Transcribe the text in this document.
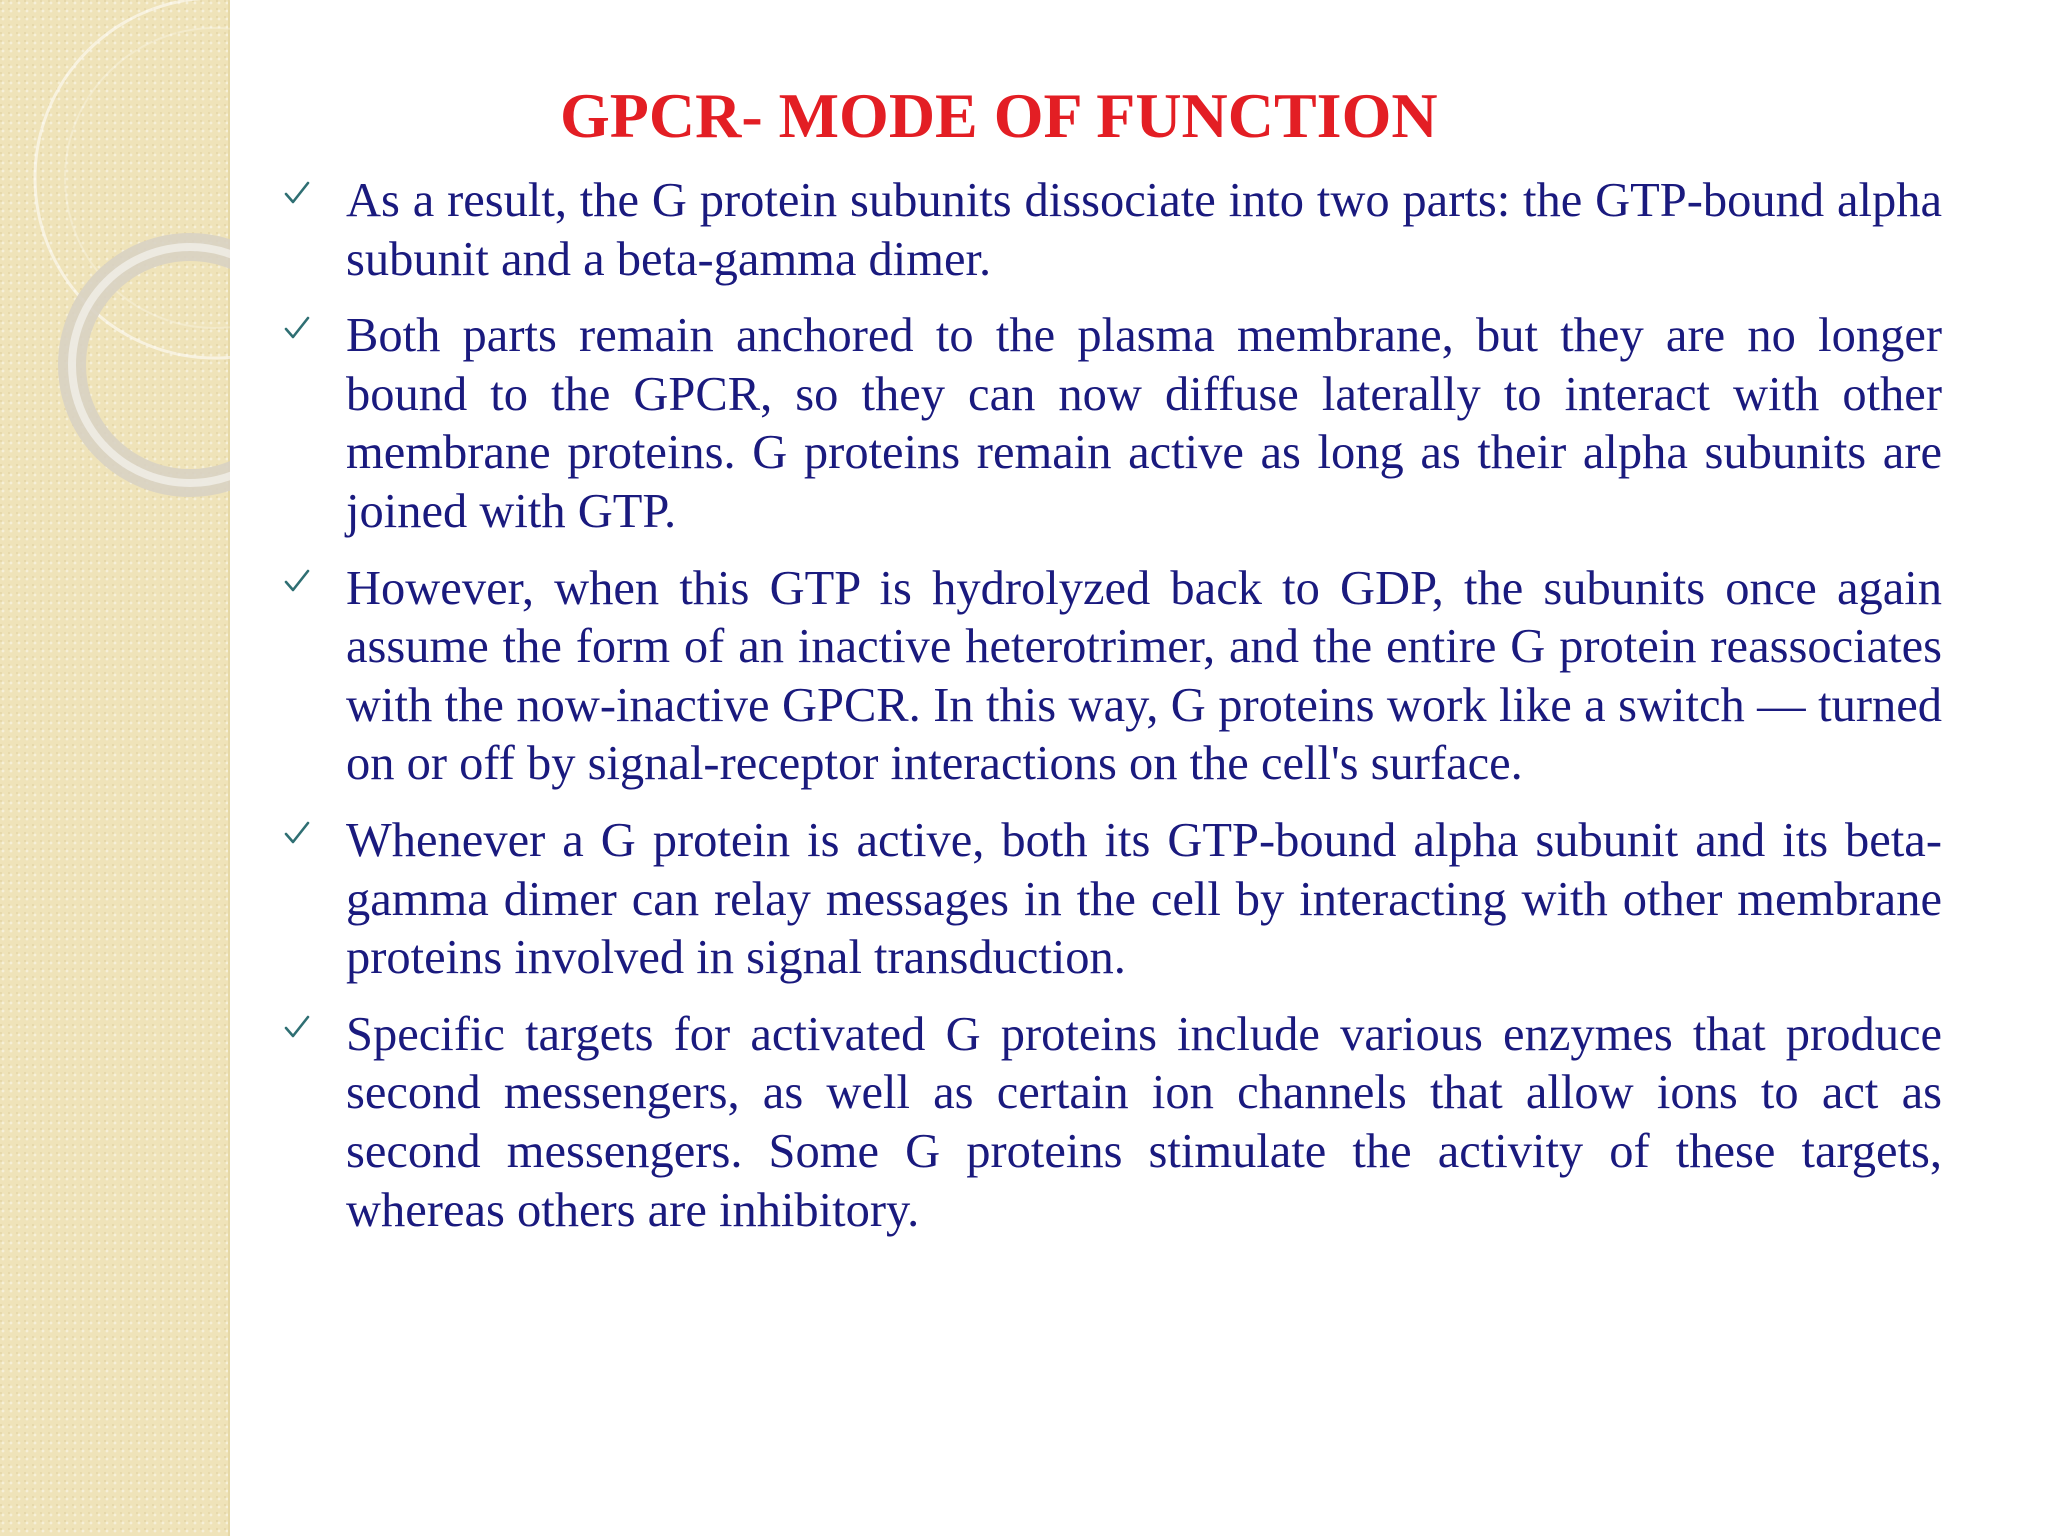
GPCR- MODE OF FUNCTION
As a result, the G protein subunits dissociate into two parts: the GTP-bound alpha subunit and a beta-gamma dimer.
Both parts remain anchored to the plasma membrane, but they are no longer bound to the GPCR, so they can now diffuse laterally to interact with other membrane proteins. G proteins remain active as long as their alpha subunits are joined with GTP.
However, when this GTP is hydrolyzed back to GDP, the subunits once again assume the form of an inactive heterotrimer, and the entire G protein reassociates with the now-inactive GPCR. In this way, G proteins work like a switch — turned on or off by signal-receptor interactions on the cell's surface.
Whenever a G protein is active, both its GTP-bound alpha subunit and its beta-gamma dimer can relay messages in the cell by interacting with other membrane proteins involved in signal transduction.
Specific targets for activated G proteins include various enzymes that produce second messengers, as well as certain ion channels that allow ions to act as second messengers. Some G proteins stimulate the activity of these targets, whereas others are inhibitory.
